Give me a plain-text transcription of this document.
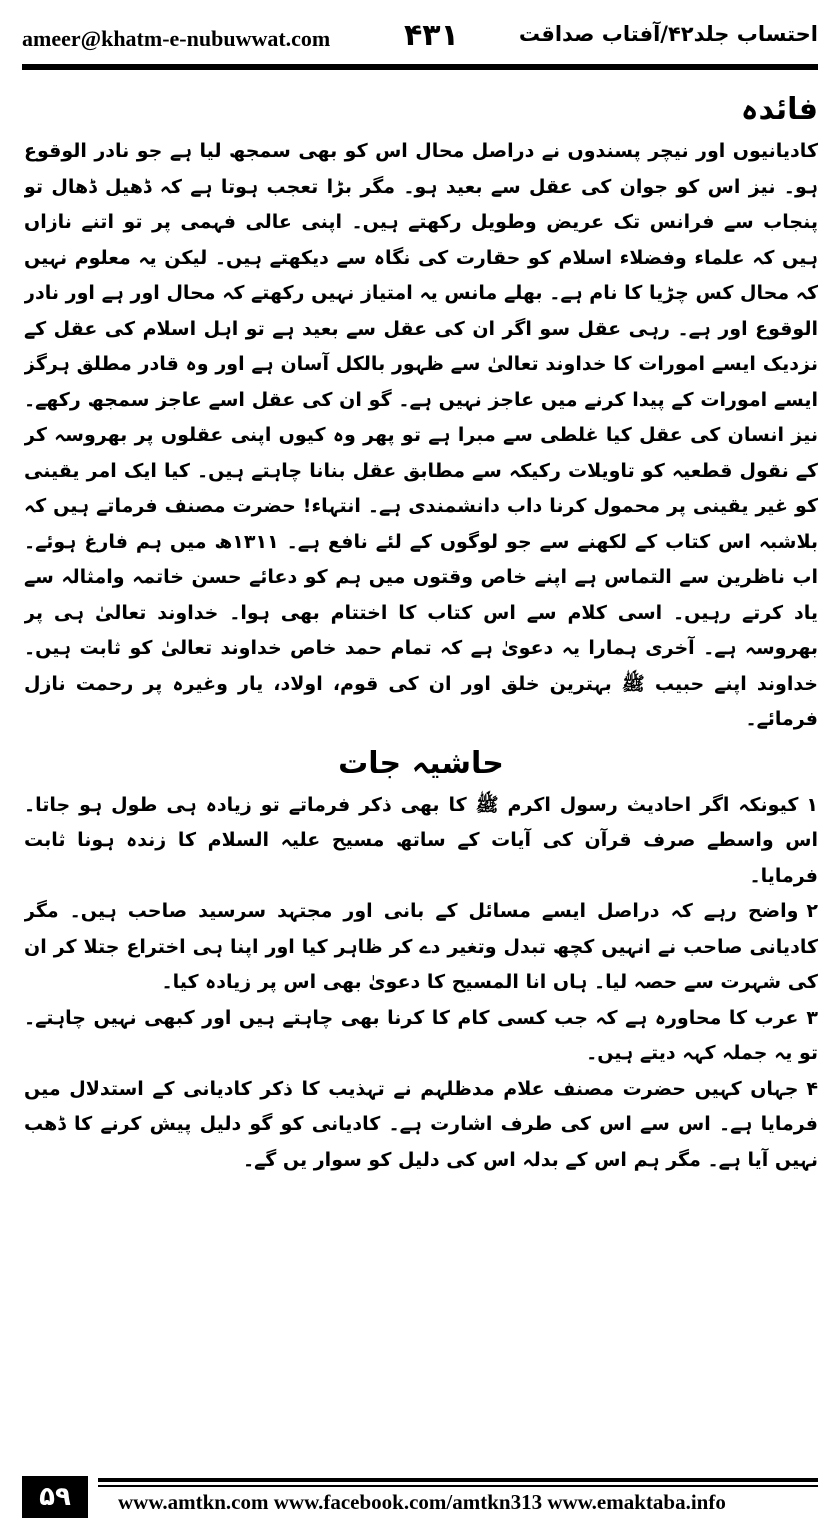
ameer@khatm-e-nubuwwat.com ۴۳۱	احتساب جلد۴۲/آفتاب صداقت

فائدہ

کادیانیوں اور نیچر پسندوں نے دراصل محال اس کو بھی سمجھ لیا ہے جو نادر الوقوع ہو۔ نیز اس کو جوان کی عقل سے بعید ہو۔ مگر بڑا تعجب ہوتا ہے کہ ڈھیل ڈھال تو پنجاب سے فرانس تک عریض وطویل رکھتے ہیں۔ اپنی عالی فہمی پر تو اتنے نازاں ہیں کہ علماء وفضلاء اسلام کو حقارت کی نگاہ سے دیکھتے ہیں۔ لیکن یہ معلوم نہیں کہ محال کس چڑیا کا نام ہے۔ بھلے مانس یہ امتیاز نہیں رکھتے کہ محال اور ہے اور نادر الوقوع اور ہے۔ رہی عقل سو اگر ان کی عقل سے بعید ہے تو اہل اسلام کی عقل کے نزدیک ایسے امورات کا خداوند تعالیٰ سے ظہور بالکل آسان ہے اور وہ قادر مطلق ہرگز ایسے امورات کے پیدا کرنے میں عاجز نہیں ہے۔ گو ان کی عقل اسے عاجز سمجھ رکھے۔ نیز انسان کی عقل کیا غلطی سے مبرا ہے تو پھر وہ کیوں اپنی عقلوں پر بھروسہ کر کے نقول قطعیہ کو تاویلات رکیکہ سے مطابق عقل بنانا چاہتے ہیں۔ کیا ایک امر یقینی کو غیر یقینی پر محمول کرنا داب دانشمندی ہے۔ انتہاء! حضرت مصنف فرماتے ہیں کہ بلاشبہ اس کتاب کے لکھنے سے جو لوگوں کے لئے نافع ہے۔ ۱۳۱۱ھ میں ہم فارغ ہوئے۔ اب ناظرین سے التماس ہے اپنے خاص وقتوں میں ہم کو دعائے حسن خاتمہ وامثالہ سے یاد کرتے رہیں۔ اسی کلام سے اس کتاب کا اختتام بھی ہوا۔ خداوند تعالیٰ ہی پر بھروسہ ہے۔ آخری ہمارا یہ دعویٰ ہے کہ تمام حمد خاص خداوند تعالیٰ کو ثابت ہیں۔ خداوند اپنے حبیب ﷺ بہترین خلق اور ان کی قوم، اولاد، یار وغیرہ پر رحمت نازل فرمائے۔

حاشیہ جات

۱کیونکہ اگر احادیث رسول اکرم ﷺ کا بھی ذکر فرماتے تو زیادہ ہی طول ہو جاتا۔ اس واسطے صرف قرآن کی آیات کے ساتھ مسیح علیہ السلام کا زندہ ہونا ثابت فرمایا۔

۲واضح رہے کہ دراصل ایسے مسائل کے بانی اور مجتہد سرسید صاحب ہیں۔ مگر کادیانی صاحب نے انہیں کچھ تبدل وتغیر دے کر ظاہر کیا اور اپنا ہی اختراع جتلا کر ان کی شہرت سے حصہ لیا۔ ہاں انا المسیح کا دعویٰ بھی اس پر زیادہ کیا۔

۳عرب کا محاورہ ہے کہ جب کسی کام کا کرنا بھی چاہتے ہیں اور کبھی نہیں چاہتے۔ تو یہ جملہ کہہ دیتے ہیں۔

۴جہاں کہیں حضرت مصنف علام مدظلہم نے تہذیب کا ذکر کادیانی کے استدلال میں فرمایا ہے۔ اس سے اس کی طرف اشارت ہے۔ کادیانی کو گو دلیل پیش کرنے کا ڈھب نہیں آیا ہے۔ مگر ہم اس کے بدلہ اس کی دلیل کو سوار یں گے۔

۵۹	www.amtkn.com www.facebook.com/amtkn313 www.emaktaba.info
